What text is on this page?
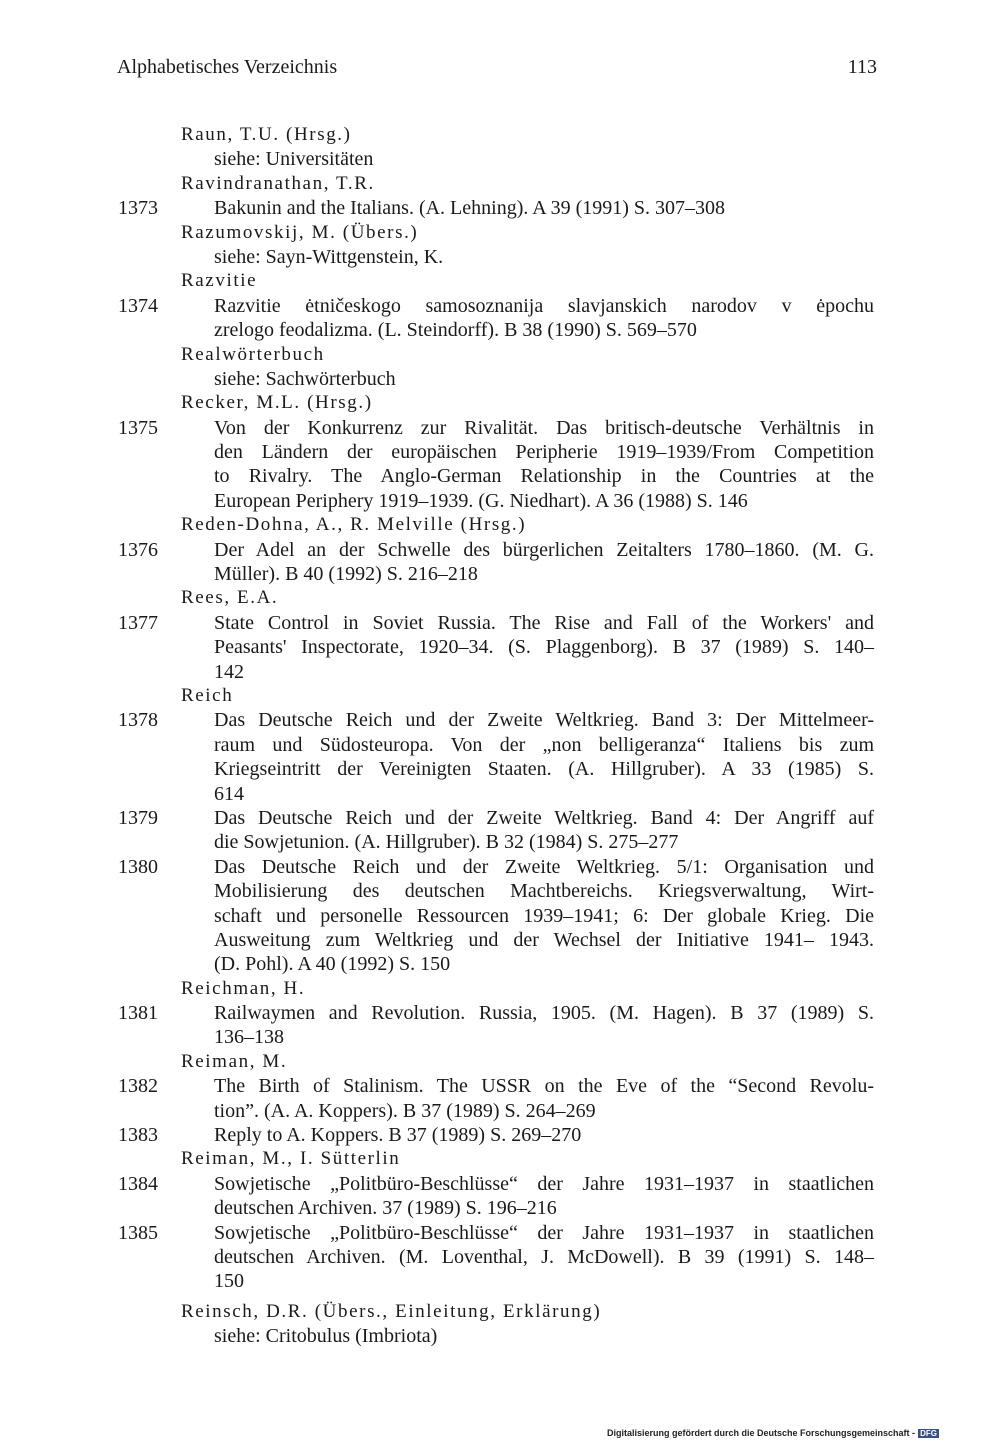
Alphabetisches Verzeichnis	113
Raun, T.U. (Hrsg.)
siehe: Universitäten
Ravindranathan, T.R.
1373	Bakunin and the Italians. (A. Lehning). A 39 (1991) S. 307–308
Razumovskij, M. (Übers.)
siehe: Sayn-Wittgenstein, K.
Razvitie
1374	Razvitie ėtničeskogo samosoznanija slavjanskich narodov v ėpochu
zrelogo feodalizma. (L. Steindorff). B 38 (1990) S. 569–570
Realwörterbuch
siehe: Sachwörterbuch
Recker, M.L. (Hrsg.)
1375	Von der Konkurrenz zur Rivalität. Das britisch-deutsche Verhältnis in
den Ländern der europäischen Peripherie 1919–1939/From Competition
to Rivalry. The Anglo-German Relationship in the Countries at the
European Periphery 1919–1939. (G. Niedhart). A 36 (1988) S. 146
Reden-Dohna, A., R. Melville (Hrsg.)
1376	Der Adel an der Schwelle des bürgerlichen Zeitalters 1780–1860. (M. G.
Müller). B 40 (1992) S. 216–218
Rees, E.A.
1377	State Control in Soviet Russia. The Rise and Fall of the Workers' and
Peasants' Inspectorate, 1920–34. (S. Plaggenborg). B 37 (1989) S. 140–
142
Reich
1378	Das Deutsche Reich und der Zweite Weltkrieg. Band 3: Der Mittelmeer-
raum und Südosteuropa. Von der „non belligeranza“ Italiens bis zum
Kriegseintritt der Vereinigten Staaten. (A. Hillgruber). A 33 (1985) S.
614
1379	Das Deutsche Reich und der Zweite Weltkrieg. Band 4: Der Angriff auf
die Sowjetunion. (A. Hillgruber). B 32 (1984) S. 275–277
1380	Das Deutsche Reich und der Zweite Weltkrieg. 5/1: Organisation und
Mobilisierung des deutschen Machtbereichs. Kriegsverwaltung, Wirt-
schaft und personelle Ressourcen 1939–1941; 6: Der globale Krieg. Die
Ausweitung zum Weltkrieg und der Wechsel der Initiative 1941– 1943.
(D. Pohl). A 40 (1992) S. 150
Reichman, H.
1381	Railwaymen and Revolution. Russia, 1905. (M. Hagen). B 37 (1989) S.
136–138
Reiman, M.
1382	The Birth of Stalinism. The USSR on the Eve of the “Second Revolu-
tion”. (A. A. Koppers). B 37 (1989) S. 264–269
1383	Reply to A. Koppers. B 37 (1989) S. 269–270
Reiman, M., I. Sütterlin
1384	Sowjetische „Politbüro-Beschlüsse“ der Jahre 1931–1937 in staatlichen
deutschen Archiven. 37 (1989) S. 196–216
1385	Sowjetische „Politbüro-Beschlüsse“ der Jahre 1931–1937 in staatlichen
deutschen Archiven. (M. Loventhal, J. McDowell). B 39 (1991) S. 148–
150
Reinsch, D.R. (Übers., Einleitung, Erklärung)
siehe: Critobulus (Imbriota)
Digitalisierung gefördert durch die Deutsche Forschungsgemeinschaft - DFG
